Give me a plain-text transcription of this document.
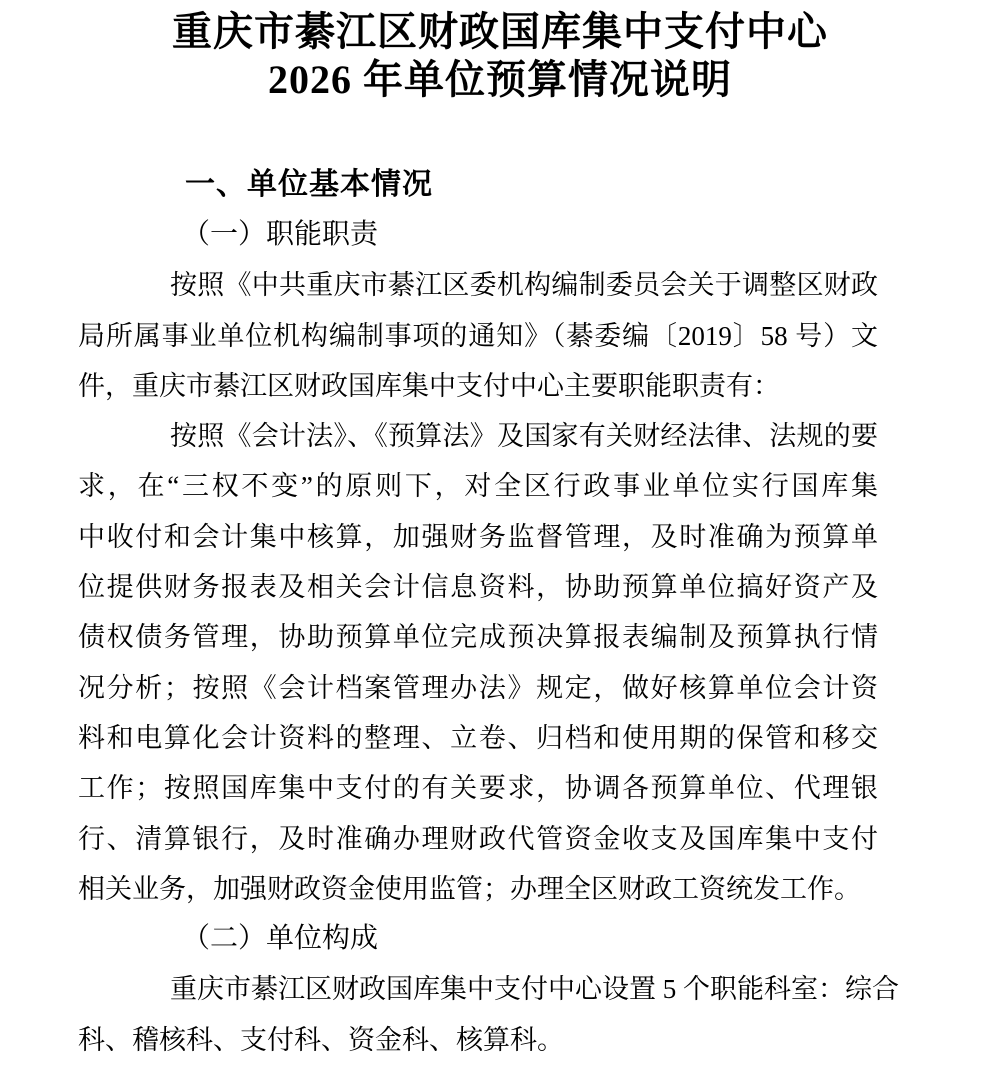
重庆市綦江区财政国库集中支付中心
2026 年单位预算情况说明
一、单位基本情况
（一）职能职责
按照《中共重庆市綦江区委机构编制委员会关于调整区财政
局所属事业单位机构编制事项的通知》（綦委编〔2019〕58 号）文
件，重庆市綦江区财政国库集中支付中心主要职能职责有：
按照《会计法》、《预算法》及国家有关财经法律、法规的要
求，在“三权不变”的原则下，对全区行政事业单位实行国库集
中收付和会计集中核算，加强财务监督管理，及时准确为预算单
位提供财务报表及相关会计信息资料，协助预算单位搞好资产及
债权债务管理，协助预算单位完成预决算报表编制及预算执行情
况分析；按照《会计档案管理办法》规定，做好核算单位会计资
料和电算化会计资料的整理、立卷、归档和使用期的保管和移交
工作；按照国库集中支付的有关要求，协调各预算单位、代理银
行、清算银行，及时准确办理财政代管资金收支及国库集中支付
相关业务，加强财政资金使用监管；办理全区财政工资统发工作。
（二）单位构成
重庆市綦江区财政国库集中支付中心设置 5 个职能科室：综合
科、稽核科、支付科、资金科、核算科。
